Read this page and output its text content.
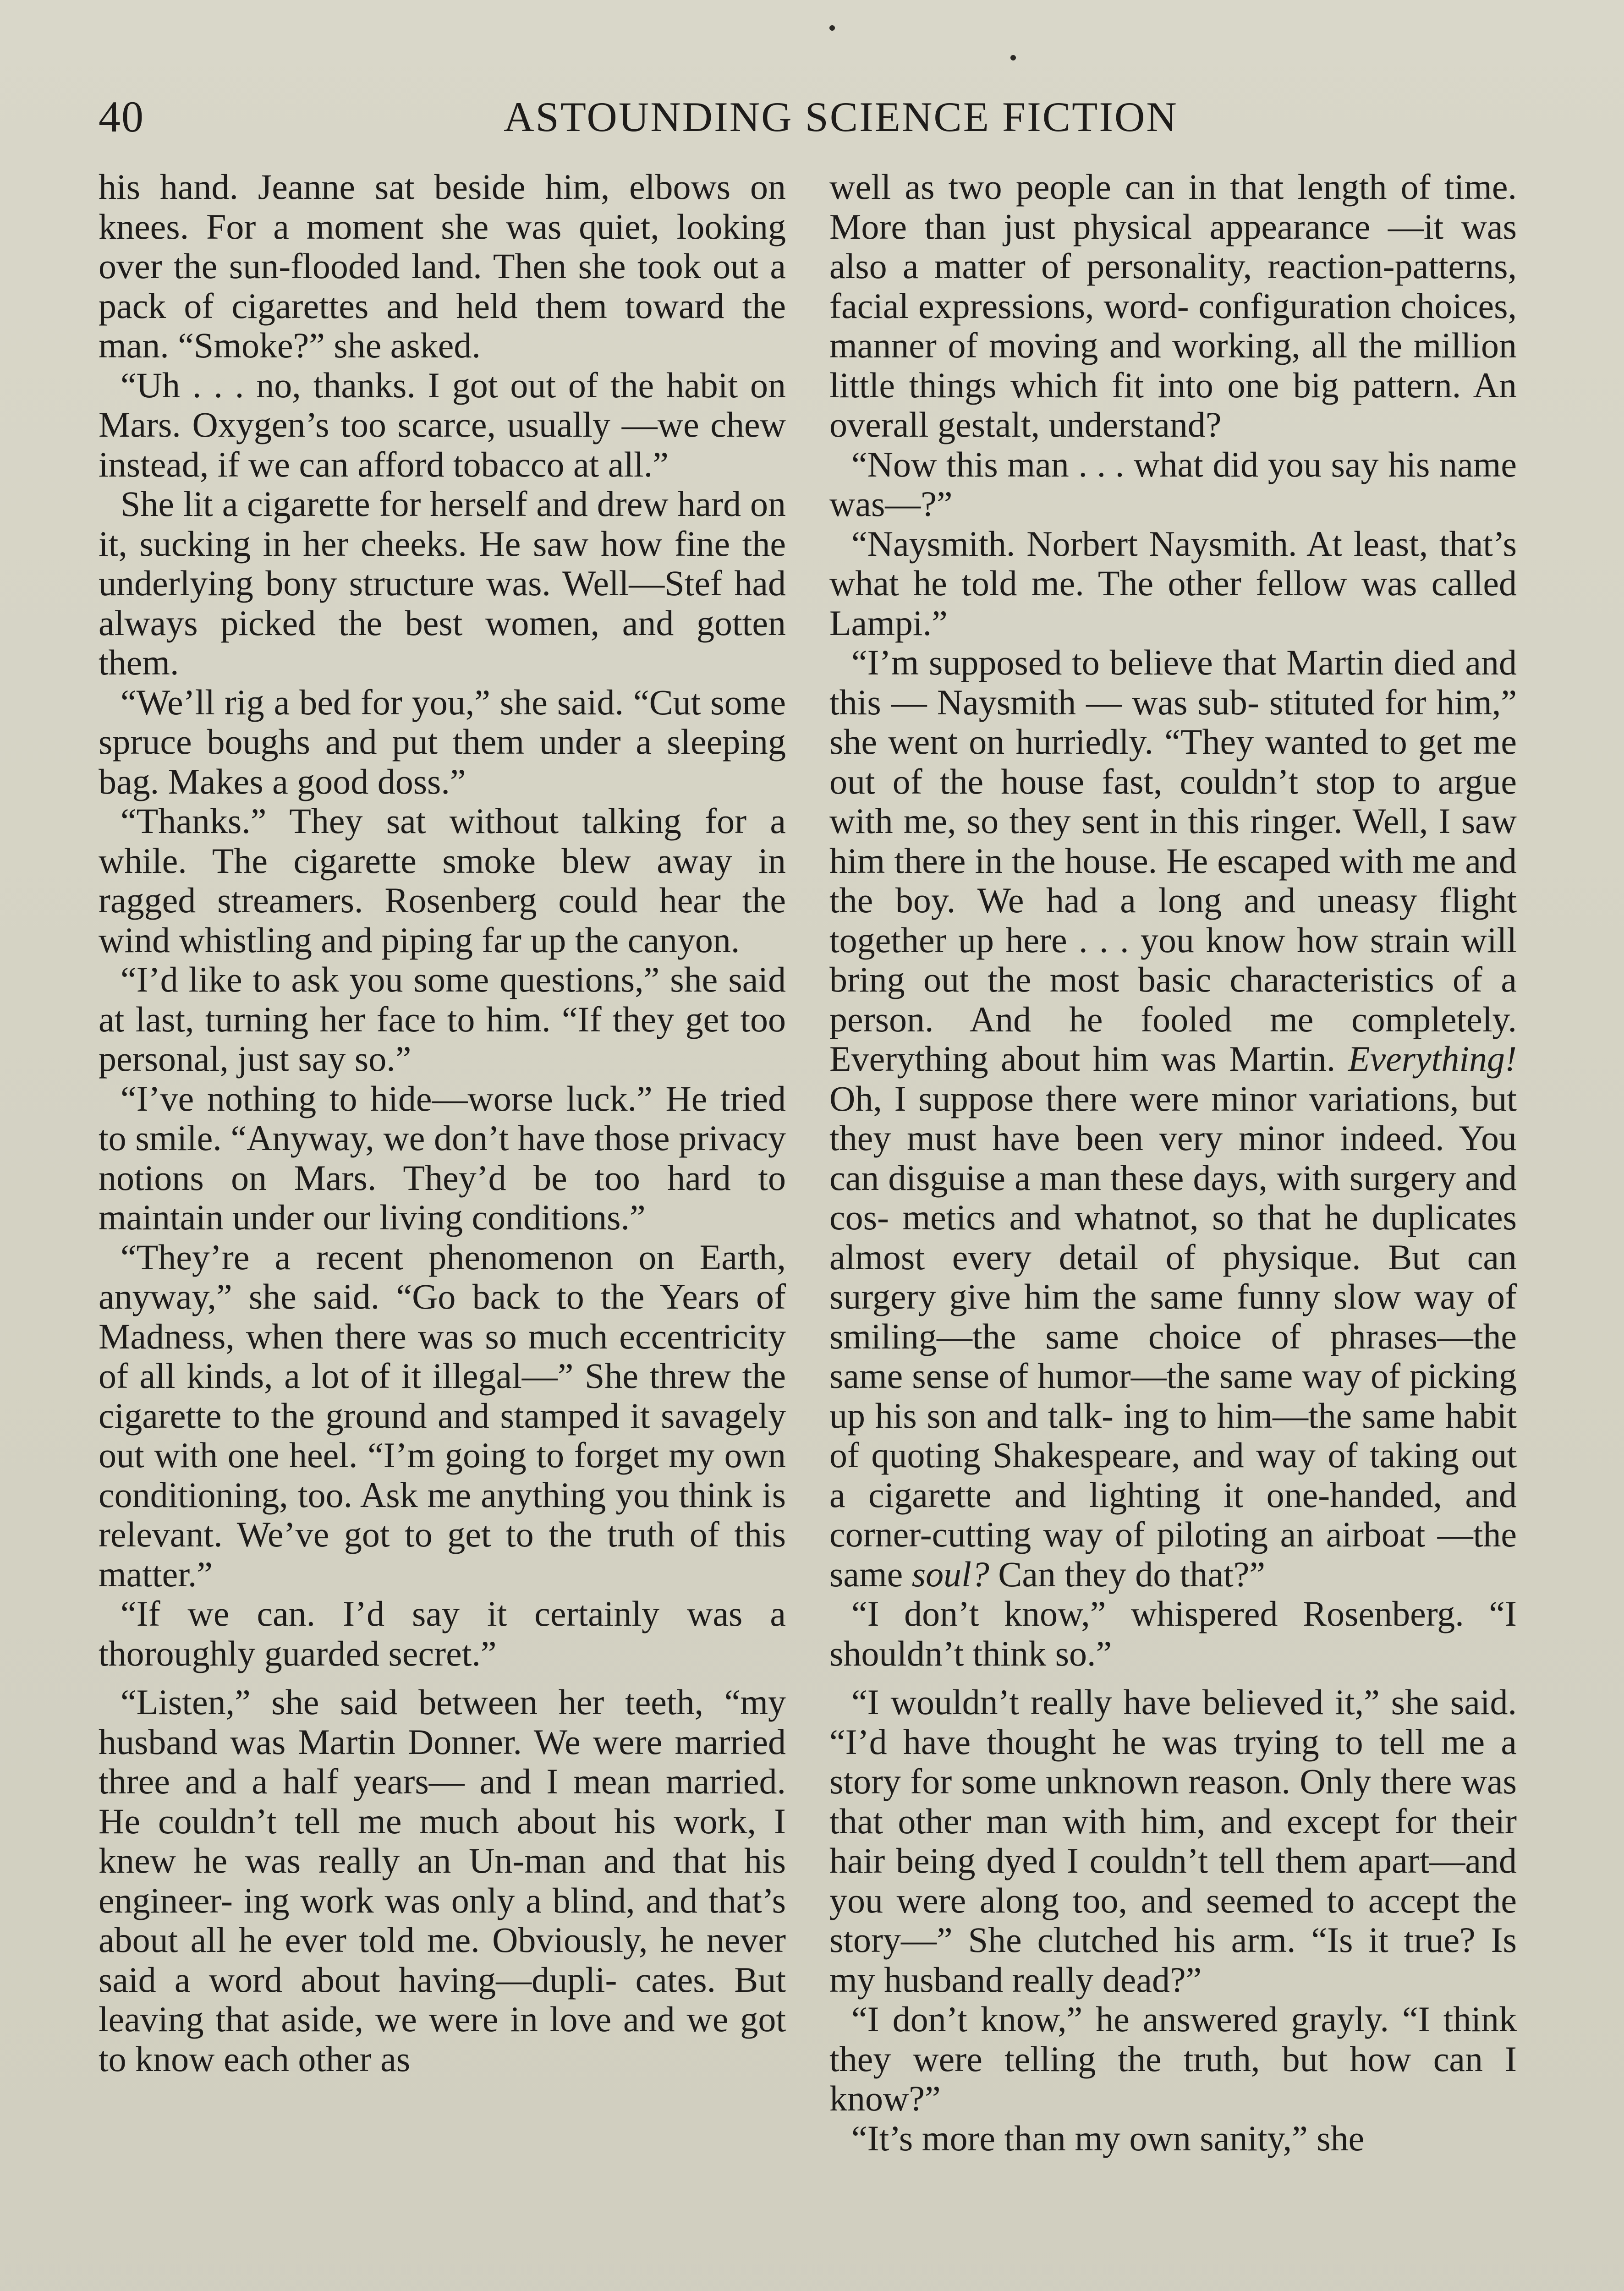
40	ASTOUNDING SCIENCE FICTION

his hand. Jeanne sat beside him, elbows on knees. For a moment she was quiet, looking over the sun-flooded land. Then she took out a pack of cigarettes and held them toward the man. “Smoke?” she asked.

“Uh . . . no, thanks. I got out of the habit on Mars. Oxygen’s too scarce, usually —we chew instead, if we can afford tobacco at all.”

She lit a cigarette for herself and drew hard on it, sucking in her cheeks. He saw how fine the underlying bony structure was. Well—Stef had always picked the best women, and gotten them.

“We’ll rig a bed for you,” she said. “Cut some spruce boughs and put them under a sleeping bag. Makes a good doss.”

“Thanks.” They sat without talking for a while. The cigarette smoke blew away in ragged streamers. Rosenberg could hear the wind whistling and piping far up the canyon.

“I’d like to ask you some questions,” she said at last, turning her face to him. “If they get too personal, just say so.”

“I’ve nothing to hide—worse luck.” He tried to smile. “Anyway, we don’t have those privacy notions on Mars. They’d be too hard to maintain under our living conditions.”

“They’re a recent phenomenon on Earth, anyway,” she said. “Go back to the Years of Madness, when there was so much eccentricity of all kinds, a lot of it illegal—” She threw the cigarette to the ground and stamped it savagely out with one heel. “I’m going to forget my own conditioning, too. Ask me anything you think is relevant. We’ve got to get to the truth of this matter.”

“If we can. I’d say it certainly was a thoroughly guarded secret.”

“Listen,” she said between her teeth, “my husband was Martin Donner. We were married three and a half years— and I mean married. He couldn’t tell me much about his work, I knew he was really an Un-man and that his engineer- ing work was only a blind, and that’s about all he ever told me. Obviously, he never said a word about having—dupli- cates. But leaving that aside, we were in love and we got to know each other as

well as two people can in that length of time. More than just physical appearance —it was also a matter of personality, reaction-patterns, facial expressions, word- configuration choices, manner of moving and working, all the million little things which fit into one big pattern. An overall gestalt, understand?

“Now this man . . . what did you say his name was—?”

“Naysmith. Norbert Naysmith. At least, that’s what he told me. The other fellow was called Lampi.”

“I’m supposed to believe that Martin died and this — Naysmith — was sub- stituted for him,” she went on hurriedly. “They wanted to get me out of the house fast, couldn’t stop to argue with me, so they sent in this ringer. Well, I saw him there in the house. He escaped with me and the boy. We had a long and uneasy flight together up here . . . you know how strain will bring out the most basic characteristics of a person. And he fooled me completely. Everything about him was Martin. Everything! Oh, I suppose there were minor variations, but they must have been very minor indeed. You can disguise a man these days, with surgery and cos- metics and whatnot, so that he duplicates almost every detail of physique. But can surgery give him the same funny slow way of smiling—the same choice of phrases—the same sense of humor—the same way of picking up his son and talk- ing to him—the same habit of quoting Shakespeare, and way of taking out a cigarette and lighting it one-handed, and corner-cutting way of piloting an airboat —the same soul? Can they do that?”

“I don’t know,” whispered Rosenberg. “I shouldn’t think so.”

“I wouldn’t really have believed it,” she said. “I’d have thought he was trying to tell me a story for some unknown reason. Only there was that other man with him, and except for their hair being dyed I couldn’t tell them apart—and you were along too, and seemed to accept the story—” She clutched his arm. “Is it true? Is my husband really dead?”

“I don’t know,” he answered grayly. “I think they were telling the truth, but how can I know?”

“It’s more than my own sanity,” she
